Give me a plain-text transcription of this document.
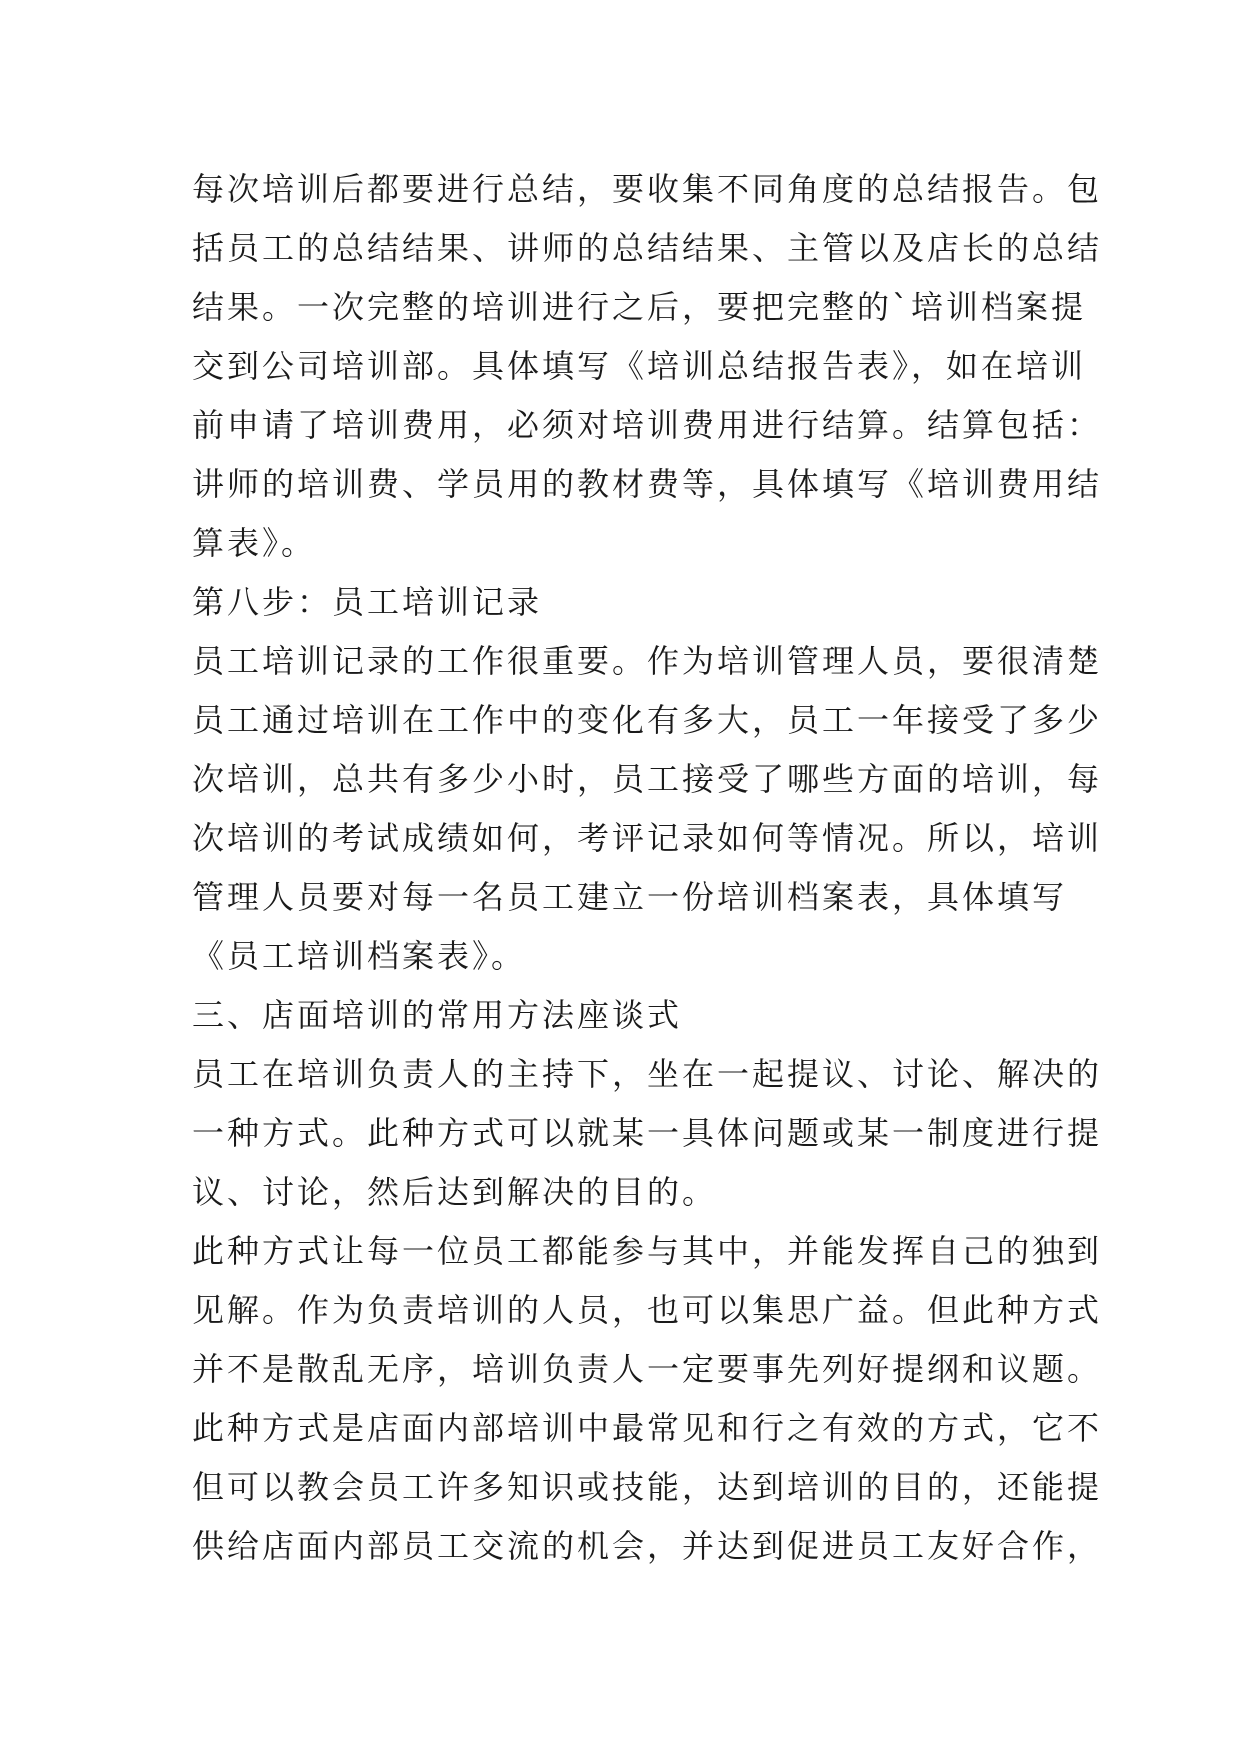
每次培训后都要进行总结，要收集不同角度的总结报告。包
括员工的总结结果、讲师的总结结果、主管以及店长的总结
结果。一次完整的培训进行之后，要把完整的`培训档案提
交到公司培训部。具体填写《培训总结报告表》，如在培训
前申请了培训费用，必须对培训费用进行结算。结算包括：
讲师的培训费、学员用的教材费等，具体填写《培训费用结
算表》。
第八步：员工培训记录
员工培训记录的工作很重要。作为培训管理人员，要很清楚
员工通过培训在工作中的变化有多大，员工一年接受了多少
次培训，总共有多少小时，员工接受了哪些方面的培训，每
次培训的考试成绩如何，考评记录如何等情况。所以，培训
管理人员要对每一名员工建立一份培训档案表，具体填写
《员工培训档案表》。
三、店面培训的常用方法座谈式
员工在培训负责人的主持下，坐在一起提议、讨论、解决的
一种方式。此种方式可以就某一具体问题或某一制度进行提
议、讨论，然后达到解决的目的。
此种方式让每一位员工都能参与其中，并能发挥自己的独到
见解。作为负责培训的人员，也可以集思广益。但此种方式
并不是散乱无序，培训负责人一定要事先列好提纲和议题。
此种方式是店面内部培训中最常见和行之有效的方式，它不
但可以教会员工许多知识或技能，达到培训的目的，还能提
供给店面内部员工交流的机会，并达到促进员工友好合作，
